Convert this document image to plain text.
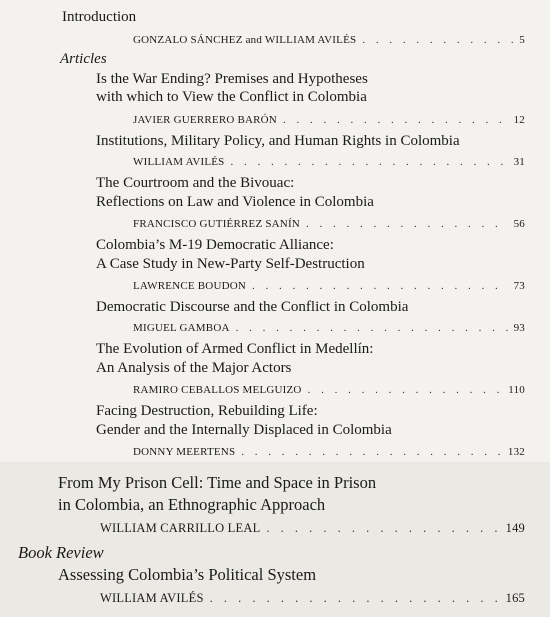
Introduction
GONZALO SÁNCHEZ and WILLIAM AVILÉS . . .	5
Articles
Is the War Ending? Premises and Hypotheses
with which to View the Conflict in Colombia
JAVIER GUERRERO BARÓN . . .	12
Institutions, Military Policy, and Human Rights in Colombia
WILLIAM AVILÉS . . .	31
The Courtroom and the Bivouac:
Reflections on Law and Violence in Colombia
FRANCISCO GUTIÉRREZ SANÍN . . .	56
Colombia’s M-19 Democratic Alliance:
A Case Study in New-Party Self-Destruction
LAWRENCE BOUDON . . .	73
Democratic Discourse and the Conflict in Colombia
MIGUEL GAMBOA . . .	93
The Evolution of Armed Conflict in Medellín:
An Analysis of the Major Actors
RAMIRO CEBALLOS MELGUIZO . . .	110
Facing Destruction, Rebuilding Life:
Gender and the Internally Displaced in Colombia
DONNY MEERTENS . . .	132
From My Prison Cell: Time and Space in Prison
in Colombia, an Ethnographic Approach
WILLIAM CARRILLO LEAL . . .	149
Book Review
Assessing Colombia’s Political System
WILLIAM AVILÉS . . .	165
